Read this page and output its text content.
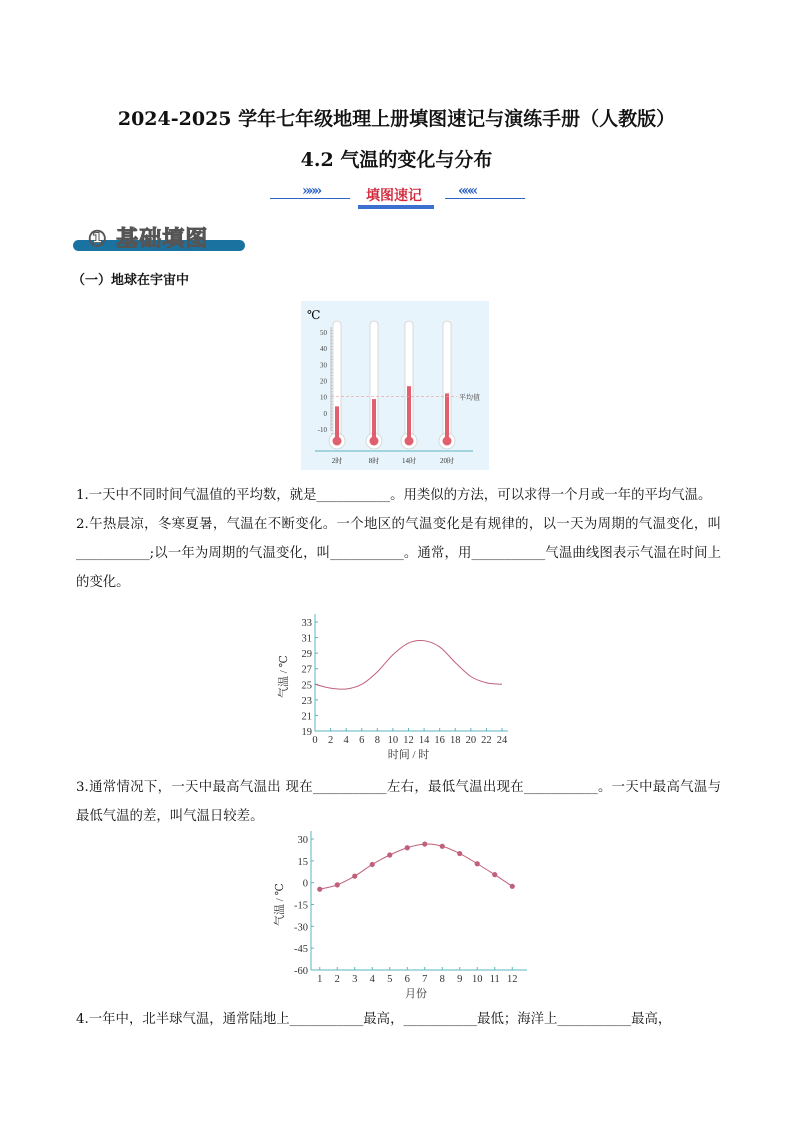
2024-2025 学年七年级地理上册填图速记与演练手册（人教版）
4.2 气温的变化与分布
»»»	填图速记	«««
① 基础填图
（一）地球在宇宙中
℃
50
40
30
20
10
0
-10
2时	8时	14时	20时
平均值
1.一天中不同时间气温值的平均数，就是___________。用类似的方法，可以求得一个月或一年的平均气温。
2.午热晨凉，冬寒夏暑，气温在不断变化。一个地区的气温变化是有规律的，以一天为周期的气温变化，叫___________;以一年为周期的气温变化，叫___________。通常，用___________气温曲线图表示气温在时间上的变化。
19
21
23
25
27
29
31
33
0 2 4 6 8 10 12 14 16 18 20 22 24
时间 / 时
气温 / ℃
3.通常情况下，一天中最高气温出 现在___________左右，最低气温出现在___________。一天中最高气温与最低气温的差，叫气温日较差。
30
15
0
-15
-30
-45
-60
1 2 3 4 5 6 7 8 9 10 11 12
月份
气温 / ℃
4.一年中，北半球气温，通常陆地上___________最高，___________最低；海洋上___________最高，
